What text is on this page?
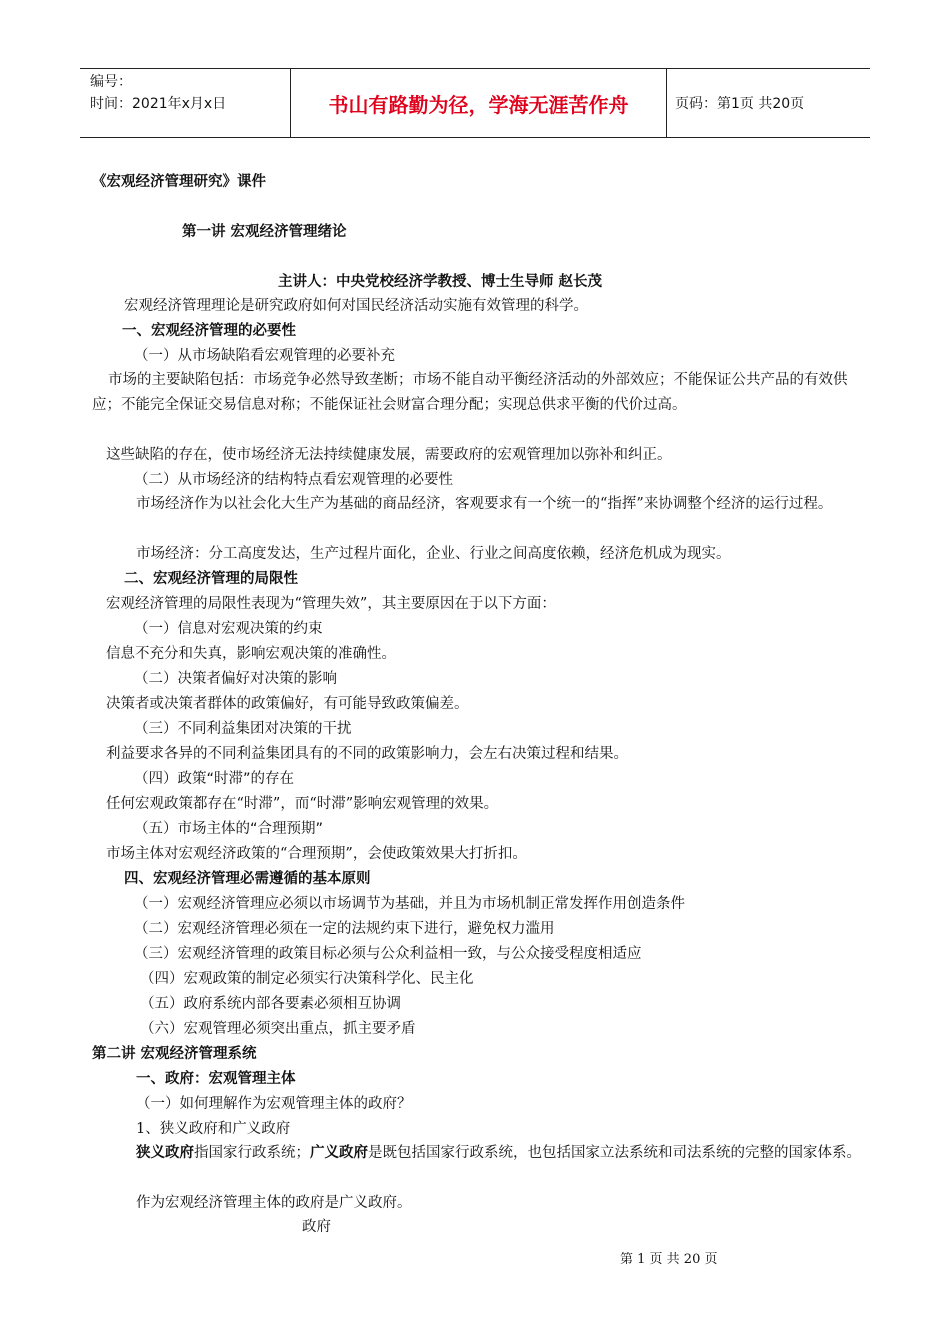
编号：
时间：2021年x月x日	书山有路勤为径，学海无涯苦作舟	页码：第1页 共20页
《宏观经济管理研究》课件
第一讲 宏观经济管理绪论
主讲人：中央党校经济学教授、博士生导师 赵长茂
宏观经济管理理论是研究政府如何对国民经济活动实施有效管理的科学。
一、宏观经济管理的必要性
（一）从市场缺陷看宏观管理的必要补充
市场的主要缺陷包括：市场竞争必然导致垄断；市场不能自动平衡经济活动的外部效应；不能保证公共产品的有效供应；不能完全保证交易信息对称；不能保证社会财富合理分配；实现总供求平衡的代价过高。
这些缺陷的存在，使市场经济无法持续健康发展，需要政府的宏观管理加以弥补和纠正。
（二）从市场经济的结构特点看宏观管理的必要性
市场经济作为以社会化大生产为基础的商品经济，客观要求有一个统一的“指挥”来协调整个经济的运行过程。
市场经济：分工高度发达，生产过程片面化，企业、行业之间高度依赖，经济危机成为现实。
二、宏观经济管理的局限性
宏观经济管理的局限性表现为“管理失效”，其主要原因在于以下方面：
（一）信息对宏观决策的约束
信息不充分和失真，影响宏观决策的准确性。
（二）决策者偏好对决策的影响
决策者或决策者群体的政策偏好，有可能导致政策偏差。
（三）不同利益集团对决策的干扰
利益要求各异的不同利益集团具有的不同的政策影响力，会左右决策过程和结果。
（四）政策“时滞”的存在
任何宏观政策都存在“时滞”，而“时滞”影响宏观管理的效果。
（五）市场主体的“合理预期”
市场主体对宏观经济政策的“合理预期”，会使政策效果大打折扣。
四、宏观经济管理必需遵循的基本原则
（一）宏观经济管理应必须以市场调节为基础，并且为市场机制正常发挥作用创造条件
（二）宏观经济管理必须在一定的法规约束下进行，避免权力滥用
（三）宏观经济管理的政策目标必须与公众利益相一致，与公众接受程度相适应
（四）宏观政策的制定必须实行决策科学化、民主化
（五）政府系统内部各要素必须相互协调
（六）宏观管理必须突出重点，抓主要矛盾
第二讲 宏观经济管理系统
一、政府：宏观管理主体
（一）如何理解作为宏观管理主体的政府？
1、狭义政府和广义政府
狭义政府指国家行政系统；广义政府是既包括国家行政系统，也包括国家立法系统和司法系统的完整的国家体系。
作为宏观经济管理主体的政府是广义政府。
政府
第 1 页 共 20 页
